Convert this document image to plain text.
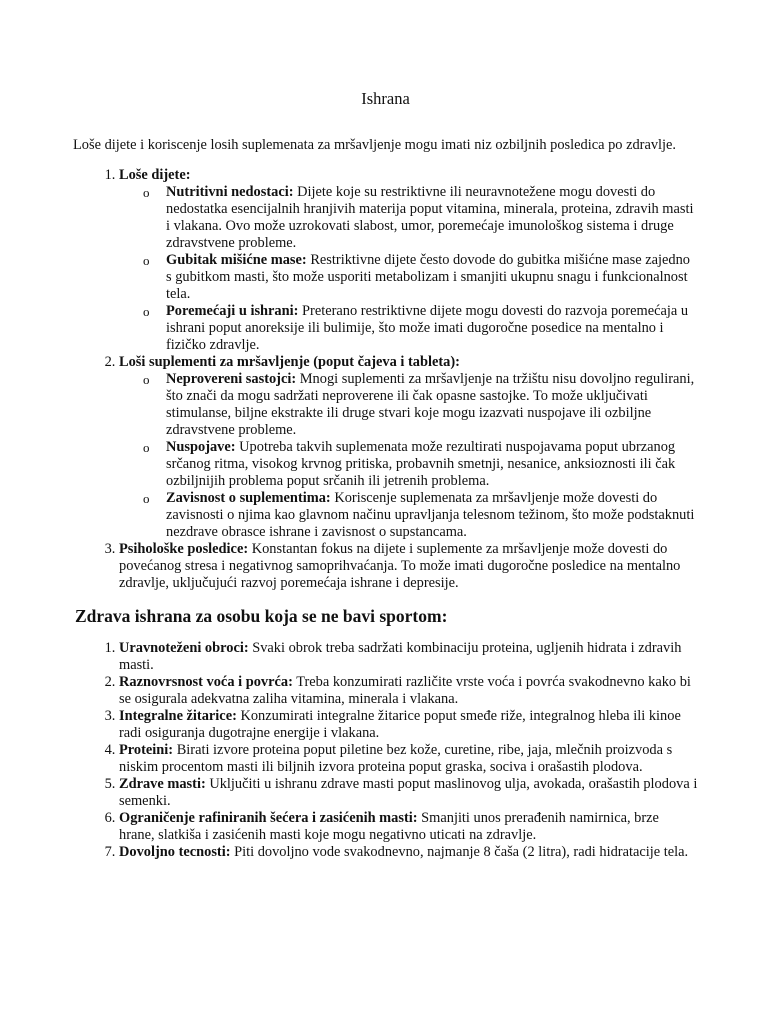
Ishrana

Loše dijete i koriscenje losih suplemenata za mršavljenje mogu imati niz ozbiljnih posledica po zdravlje.

1. Loše dijete:
o Nutritivni nedostaci: Dijete koje su restriktivne ili neuravnotežene mogu dovesti do nedostatka esencijalnih hranjivih materija poput vitamina, minerala, proteina, zdravih masti i vlakana. Ovo može uzrokovati slabost, umor, poremećaje imunološkog sistema i druge zdravstvene probleme.
o Gubitak mišićne mase: Restriktivne dijete često dovode do gubitka mišićne mase zajedno s gubitkom masti, što može usporiti metabolizam i smanjiti ukupnu snagu i funkcionalnost tela.
o Poremećaji u ishrani: Preterano restriktivne dijete mogu dovesti do razvoja poremećaja u ishrani poput anoreksije ili bulimije, što može imati dugoročne posedice na mentalno i fizičko zdravlje.
2. Loši suplementi za mršavljenje (poput čajeva i tableta):
o Neprovereni sastojci: Mnogi suplementi za mršavljenje na tržištu nisu dovoljno regulirani, što znači da mogu sadržati neproverene ili čak opasne sastojke. To može uključivati stimulanse, biljne ekstrakte ili druge stvari koje mogu izazvati nuspojave ili ozbiljne zdravstvene probleme.
o Nuspojave: Upotreba takvih suplemenata može rezultirati nuspojavama poput ubrzanog srčanog ritma, visokog krvnog pritiska, probavnih smetnji, nesanice, anksioznosti ili čak ozbiljnijih problema poput srčanih ili jetrenih problema.
o Zavisnost o suplementima: Koriscenje suplemenata za mršavljenje može dovesti do zavisnosti o njima kao glavnom načinu upravljanja telesnom težinom, što može podstaknuti nezdrave obrasce ishrane i zavisnost o supstancama.
3. Psihološke posledice: Konstantan fokus na dijete i suplemente za mršavljenje može dovesti do povećanog stresa i negativnog samoprihvaćanja. To može imati dugoročne posledice na mentalno zdravlje, uključujući razvoj poremećaja ishrane i depresije.
Zdrava ishrana za osobu koja se ne bavi sportom:
1. Uravnoteženi obroci: Svaki obrok treba sadržati kombinaciju proteina, ugljenih hidrata i zdravih masti.
2. Raznovrsnost voća i povrća: Treba konzumirati različite vrste voća i povrća svakodnevno kako bi se osigurala adekvatna zaliha vitamina, minerala i vlakana.
3. Integralne žitarice: Konzumirati integralne žitarice poput smeđe riže, integralnog hleba ili kinoe radi osiguranja dugotrajne energije i vlakana.
4. Proteini: Birati izvore proteina poput piletine bez kože, curetine, ribe, jaja, mlečnih proizvoda s niskim procentom masti ili biljnih izvora proteina poput graska, sociva i orašastih plodova.
5. Zdrave masti: Uključiti u ishranu zdrave masti poput maslinovog ulja, avokada, orašastih plodova i semenki.
6. Ograničenje rafiniranih šećera i zasićenih masti: Smanjiti unos prerađenih namirnica, brze hrane, slatkiša i zasićenih masti koje mogu negativno uticati na zdravlje.
7. Dovoljno tecnosti: Piti dovoljno vode svakodnevno, najmanje 8 čaša (2 litra), radi hidratacije tela.
